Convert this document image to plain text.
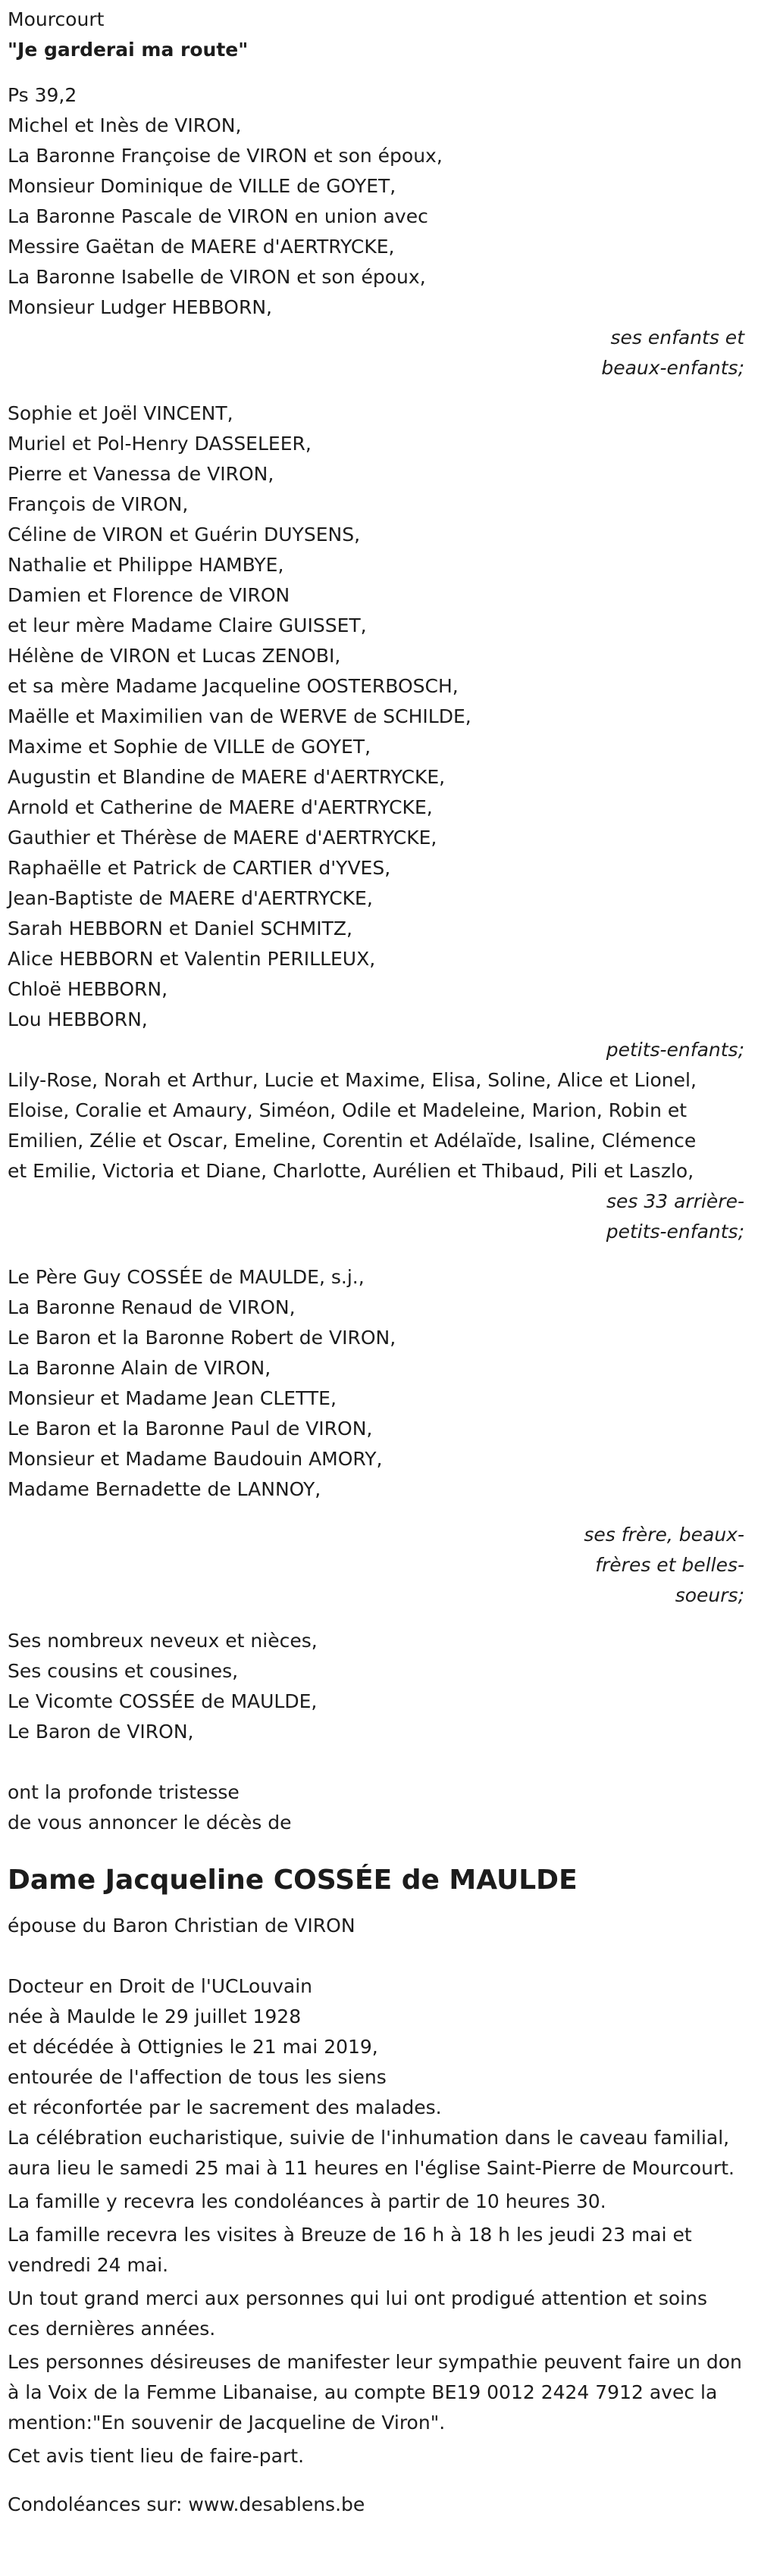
Mourcourt
"Je garderai ma route"
Ps 39,2
Michel et Inès de VIRON,
La Baronne Françoise de VIRON et son époux,
Monsieur Dominique de VILLE de GOYET,
La Baronne Pascale de VIRON en union avec
Messire Gaëtan de MAERE d'AERTRYCKE,
La Baronne Isabelle de VIRON et son époux,
Monsieur Ludger HEBBORN,
ses enfants et
beaux-enfants;
Sophie et Joël VINCENT,
Muriel et Pol-Henry DASSELEER,
Pierre et Vanessa de VIRON,
François de VIRON,
Céline de VIRON et Guérin DUYSENS,
Nathalie et Philippe HAMBYE,
Damien et Florence de VIRON
et leur mère Madame Claire GUISSET,
Hélène de VIRON et Lucas ZENOBI,
et sa mère Madame Jacqueline OOSTERBOSCH,
Maëlle et Maximilien van de WERVE de SCHILDE,
Maxime et Sophie de VILLE de GOYET,
Augustin et Blandine de MAERE d'AERTRYCKE,
Arnold et Catherine de MAERE d'AERTRYCKE,
Gauthier et Thérèse de MAERE d'AERTRYCKE,
Raphaëlle et Patrick de CARTIER d'YVES,
Jean-Baptiste de MAERE d'AERTRYCKE,
Sarah HEBBORN et Daniel SCHMITZ,
Alice HEBBORN et Valentin PERILLEUX,
Chloë HEBBORN,
Lou HEBBORN,
petits-enfants;
Lily-Rose, Norah et Arthur, Lucie et Maxime, Elisa, Soline, Alice et Lionel,
Eloise, Coralie et Amaury, Siméon, Odile et Madeleine, Marion, Robin et
Emilien, Zélie et Oscar, Emeline, Corentin et Adélaïde, Isaline, Clémence
et Emilie, Victoria et Diane, Charlotte, Aurélien et Thibaud, Pili et Laszlo,
ses 33 arrière-
petits-enfants;
Le Père Guy COSSÉE de MAULDE, s.j.,
La Baronne Renaud de VIRON,
Le Baron et la Baronne Robert de VIRON,
La Baronne Alain de VIRON,
Monsieur et Madame Jean CLETTE,
Le Baron et la Baronne Paul de VIRON,
Monsieur et Madame Baudouin AMORY,
Madame Bernadette de LANNOY,
ses frère, beaux-
frères et belles-
soeurs;
Ses nombreux neveux et nièces,
Ses cousins et cousines,
Le Vicomte COSSÉE de MAULDE,
Le Baron de VIRON,
ont la profonde tristesse
de vous annoncer le décès de
Dame Jacqueline COSSÉE de MAULDE
épouse du Baron Christian de VIRON
Docteur en Droit de l'UCLouvain
née à Maulde le 29 juillet 1928
et décédée à Ottignies le 21 mai 2019,
entourée de l'affection de tous les siens
et réconfortée par le sacrement des malades.
La célébration eucharistique, suivie de l'inhumation dans le caveau familial, aura lieu le samedi 25 mai à 11 heures en l'église Saint-Pierre de Mourcourt.
La famille y recevra les condoléances à partir de 10 heures 30.
La famille recevra les visites à Breuze de 16 h à 18 h les jeudi 23 mai et vendredi 24 mai.
Un tout grand merci aux personnes qui lui ont prodigué attention et soins ces dernières années.
Les personnes désireuses de manifester leur sympathie peuvent faire un don à la Voix de la Femme Libanaise, au compte BE19 0012 2424 7912 avec la mention:"En souvenir de Jacqueline de Viron".
Cet avis tient lieu de faire-part.
Condoléances sur: www.desablens.be
